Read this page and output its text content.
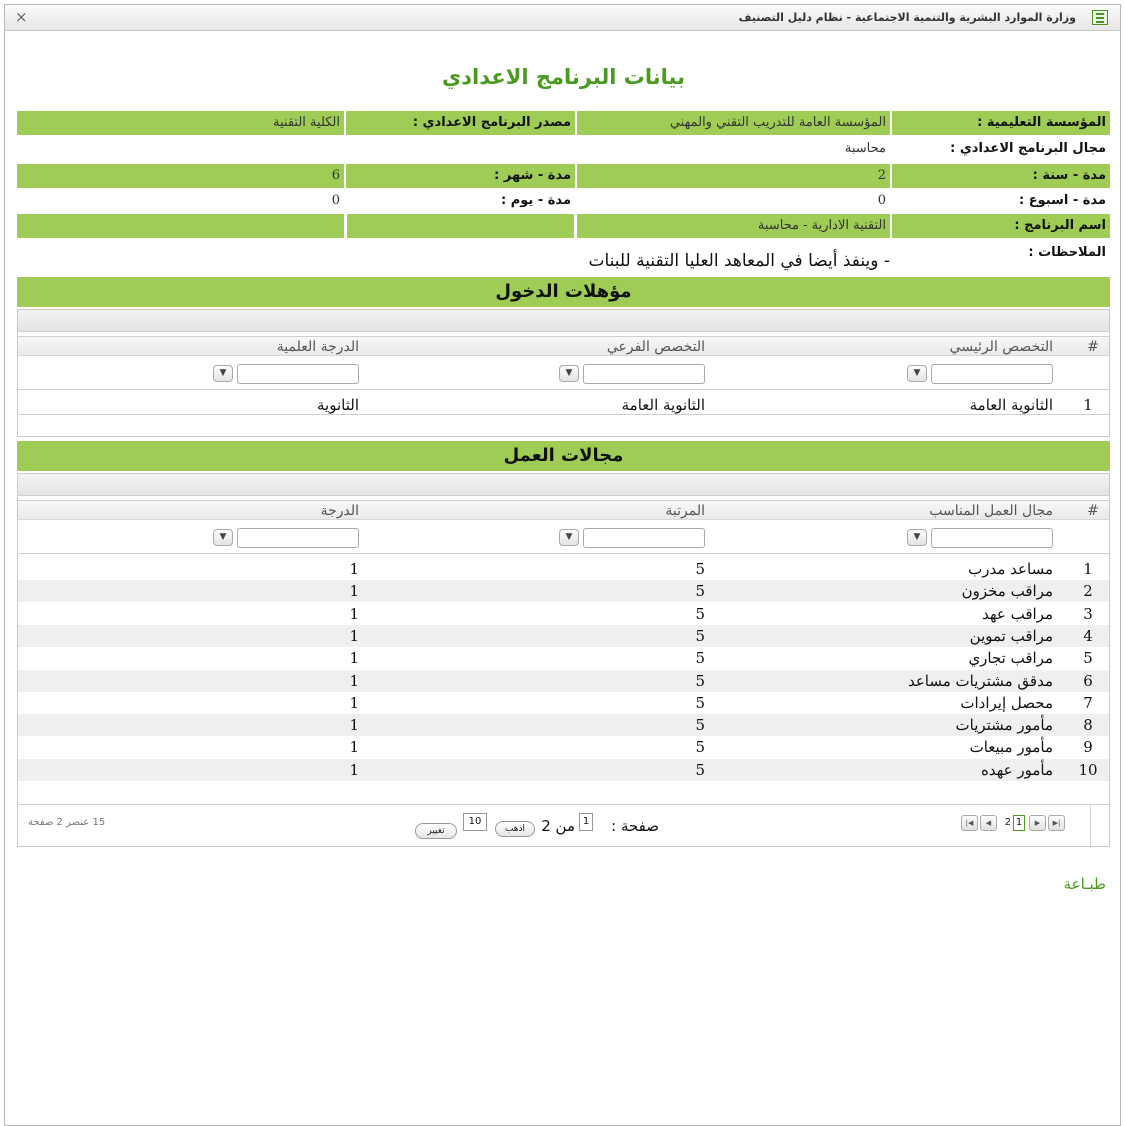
وزارة الموارد البشرية والتنمية الاجتماعية - نظام دليل التصنيف
×
بيانات البرنامج الاعدادي
المؤسسة التعليمية :
المؤسسة العامة للتدريب التقني والمهني
مصدر البرنامج الاعدادي :
الكلية التقنية
مجال البرنامج الاعدادي :
محاسبة
مدة - سنة :
2
مدة - شهر :
6
مدة - اسبوع :
0
مدة - يوم :
0
اسم البرنامج :
التقنية الادارية - محاسبة
الملاحظات :
- وينفذ أيضا في المعاهد العليا التقنية للبنات
مؤهلات الدخول
#
التخصص الرئيسي
التخصص الفرعي
الدرجة العلمية
▼
▼
▼
1
الثانوية العامة
الثانوية العامة
الثانوية
مجالات العمل
#
مجال العمل المناسب
المرتبة
الدرجة
▼
▼
▼
1
مساعد مدرب
5
1
2
مراقب مخزون
5
1
3
مراقب عهد
5
1
4
مراقب تموين
5
1
5
مراقب تجاري
5
1
6
مدقق مشتريات مساعد
5
1
7
محصل إيرادات
5
1
8
مأمور مشتريات
5
1
9
مأمور مبيعات
5
1
10
مأمور عهده
5
1
▶|
▶
1
2
◀
|◀
صفحة :
1
من 2
اذهب
10
تغيير
15 عنصر 2 صفحة
طبـاعة
